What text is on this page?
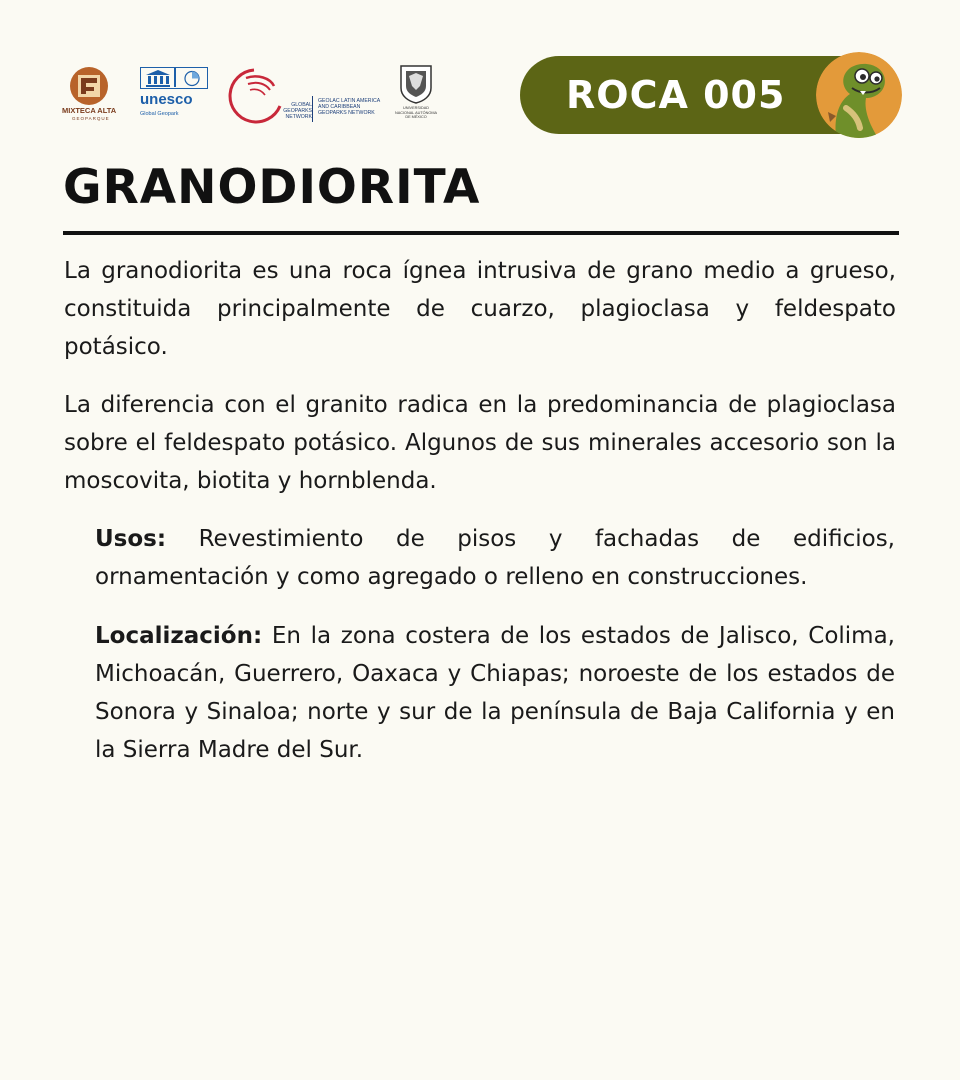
MIXTECA ALTA
GEOPARQUE
unesco
Global Geopark
GLOBAL GEOPARKS NETWORK
GEOLAC LATIN AMERICA AND CARIBBEAN GEOPARKS NETWORK
UNIVERSIDAD NACIONAL AUTÓNOMA DE MÉXICO	ROCA 005
GRANODIORITA

La granodiorita es una roca ígnea intrusiva de grano medio a grueso, constituida principalmente de cuarzo, plagioclasa y feldespato potásico.

La diferencia con el granito radica en la predominancia de plagioclasa sobre el feldespato potásico. Algunos de sus minerales accesorio son la moscovita, biotita y hornblenda.

Usos: Revestimiento de pisos y fachadas de edificios, ornamentación y como agregado o relleno en construcciones.

Localización: En la zona costera de los estados de Jalisco, Colima, Michoacán, Guerrero, Oaxaca y Chiapas; noroeste de los estados de Sonora y Sinaloa; norte y sur de la península de Baja California y en la Sierra Madre del Sur.
